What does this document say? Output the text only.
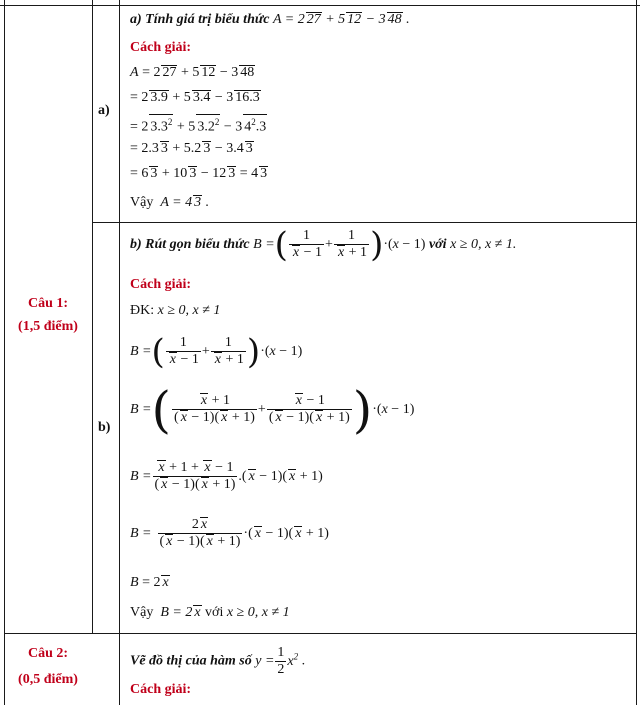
Câu 1:
(1,5 điểm)
a)
a) Tính giá trị biểu thức A = 2 27 + 5 12 − 3 48 .
Cách giải:
A = 2 27 + 5 12 − 3 48
= 2 3.9 + 5 3.4 − 3 16.3
= 2 $3.3^2 + 5$ $3.2^2 - 3$ $4^2.3$
= 2.3 3 + 5.2 3 − 3.4 3
= 6 3 + 10 3 − 12 3 = 4 3
Vậy  A = 4 3 .
b)
b) Rút gọn biểu thức B =( $\frac{1}{x - 1} + \frac{1}{x + 1} )\cdot(x - 1)$ với x ≥ 0, x ≠ 1.
Cách giải:
ĐK: x ≥ 0, x ≠ 1
B =( $\frac{1}{x - 1} + \frac{1}{x + 1} )\cdot(x - 1)$
B =( $\frac{x + 1}{( x - 1)( x + 1)} + \frac{x - 1}{( x - 1)( x + 1)} )\cdot(x - 1)$
$B = \frac{x + 1 + x - 1}{( x - 1)( x + 1)}$ .( x − 1)( x + 1)
$B = \frac{2 x}{( x - 1)( x + 1)}$ ·( x − 1)( x + 1)
B = 2 x
Vậy  B = 2 x với x ≥ 0, x ≠ 1
Câu 2:
(0,5 điểm)
Vẽ đồ thị của hàm số $y = \frac{1}{2} x^2$ .
Cách giải:
